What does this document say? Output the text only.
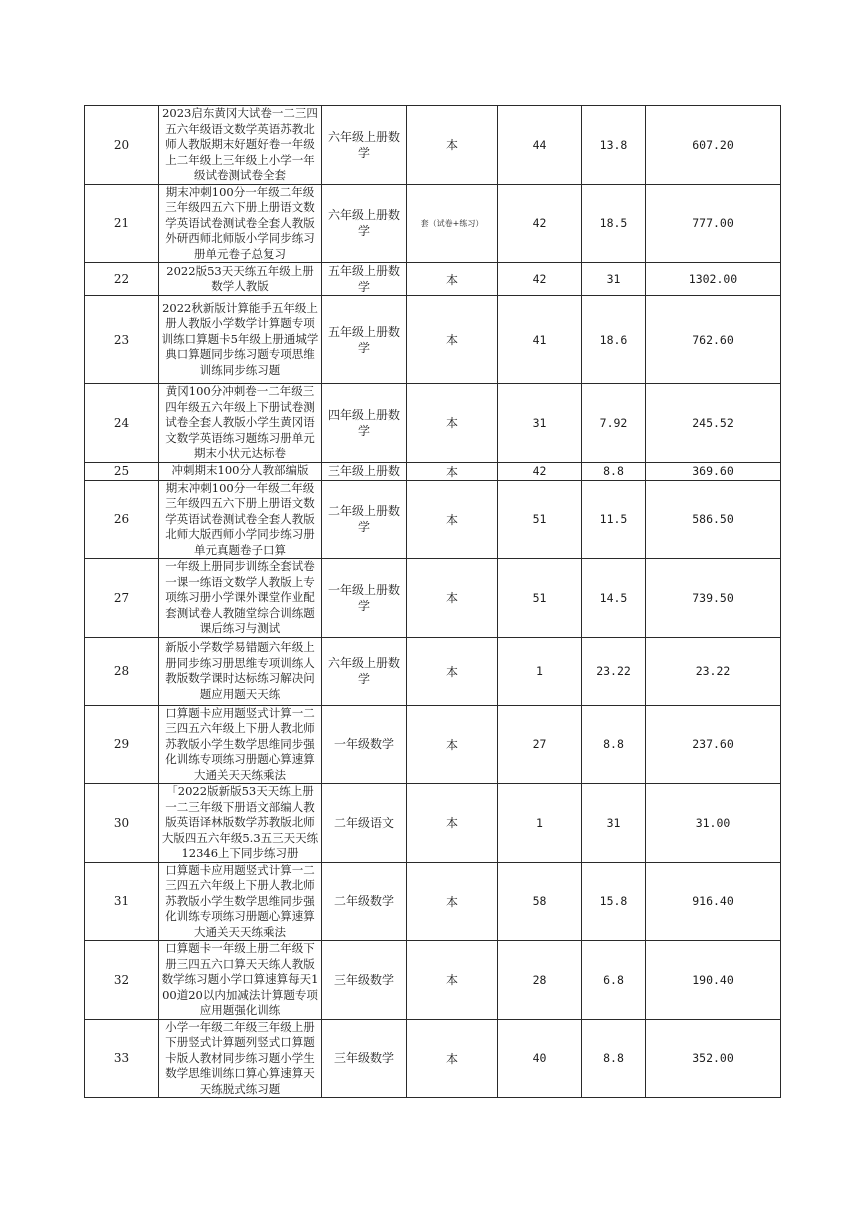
20	2023启东黄冈大试卷一二三四五六年级语文数学英语苏教北师人教版期末好题好卷一年级上二年级上三年级上小学一年级试卷测试卷全套	六年级上册数学	本	44	13.8	607.20
21	期末冲刺100分一年级二年级三年级四五六下册上册语文数学英语试卷测试卷全套人教版外研西师北师版小学同步练习册单元卷子总复习	六年级上册数学	套（试卷+练习）	42	18.5	777.00
22	2022版53天天练五年级上册数学人教版	五年级上册数学	本	42	31	1302.00
23	2022秋新版计算能手五年级上册人教版小学数学计算题专项训练口算题卡5年级上册通城学典口算题同步练习题专项思维训练同步练习题	五年级上册数学	本	41	18.6	762.60
24	黄冈100分冲刺卷一二年级三四年级五六年级上下册试卷测试卷全套人教版小学生黄冈语文数学英语练习题练习册单元期末小状元达标卷	四年级上册数学	本	31	7.92	245.52
25	冲刺期末100分人教部编版	三年级上册数	本	42	8.8	369.60
26	期末冲刺100分一年级二年级三年级四五六下册上册语文数学英语试卷测试卷全套人教版北师大版西师小学同步练习册单元真题卷子口算	二年级上册数学	本	51	11.5	586.50
27	一年级上册同步训练全套试卷一课一练语文数学人教版上专项练习册小学课外课堂作业配套测试卷人教随堂综合训练题课后练习与测试	一年级上册数学	本	51	14.5	739.50
28	新版小学数学易错题六年级上册同步练习册思维专项训练人教版数学课时达标练习解决问题应用题天天练	六年级上册数学	本	1	23.22	23.22
29	口算题卡应用题竖式计算一二三四五六年级上下册人教北师苏教版小学生数学思维同步强化训练专项练习册题心算速算大通关天天练乘法	一年级数学	本	27	8.8	237.60
30	「2022版新版53天天练上册一二三年级下册语文部编人教版英语译林版数学苏教版北师大版四五六年级5.3五三天天练12346上下同步练习册	二年级语文	本	1	31	31.00
31	口算题卡应用题竖式计算一二三四五六年级上下册人教北师苏教版小学生数学思维同步强化训练专项练习册题心算速算大通关天天练乘法	二年级数学	本	58	15.8	916.40
32	口算题卡一年级上册二年级下册三四五六口算天天练人教版数学练习题小学口算速算每天100道20以内加减法计算题专项应用题强化训练	三年级数学	本	28	6.8	190.40
33	小学一年级二年级三年级上册下册竖式计算题列竖式口算题卡版人教材同步练习题小学生数学思维训练口算心算速算天天练脱式练习题	三年级数学	本	40	8.8	352.00
